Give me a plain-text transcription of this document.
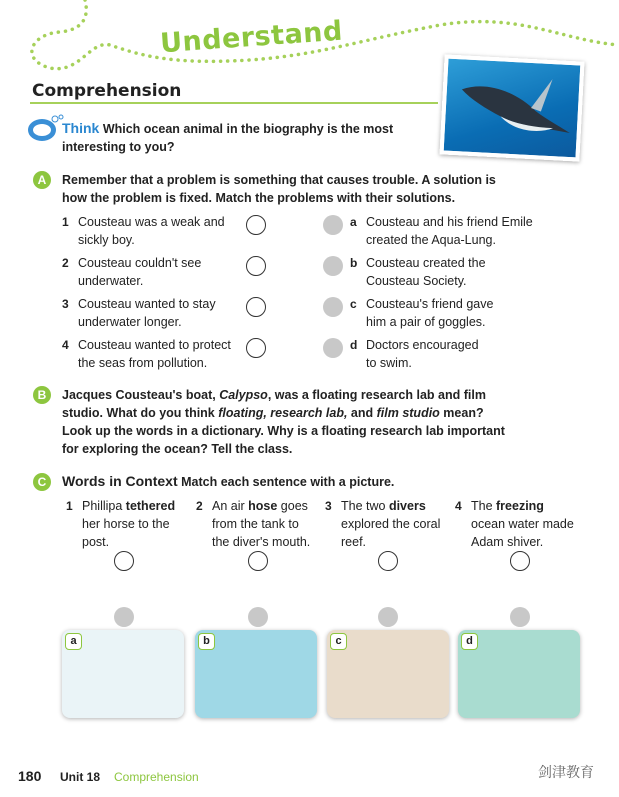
Understand
Comprehension
Think Which ocean animal in the biography is the most
interesting to you?
A	Remember that a problem is something that causes trouble. A solution is
how the problem is fixed. Match the problems with their solutions.
1 Cousteau was a weak and
sickly boy.
a Cousteau and his friend Emile
created the Aqua-Lung.
2 Cousteau couldn't see
underwater.
b Cousteau created the
Cousteau Society.
3 Cousteau wanted to stay
underwater longer.
c Cousteau's friend gave
him a pair of goggles.
4 Cousteau wanted to protect
the seas from pollution.
d Doctors encouraged
to swim.
B	Jacques Cousteau's boat, Calypso, was a floating research lab and film
studio. What do you think floating, research lab, and film studio mean?
Look up the words in a dictionary. Why is a floating research lab important
for exploring the ocean? Tell the class.
C	Words in Context Match each sentence with a picture.
1 Phillipa tethered
her horse to the
post.
a
2 An air hose goes
from the tank to
the diver's mouth.
b
3 The two divers
explored the coral
reef.
c
4 The freezing
ocean water made
Adam shiver.
d
180 Unit 18 Comprehension	剑津教育
